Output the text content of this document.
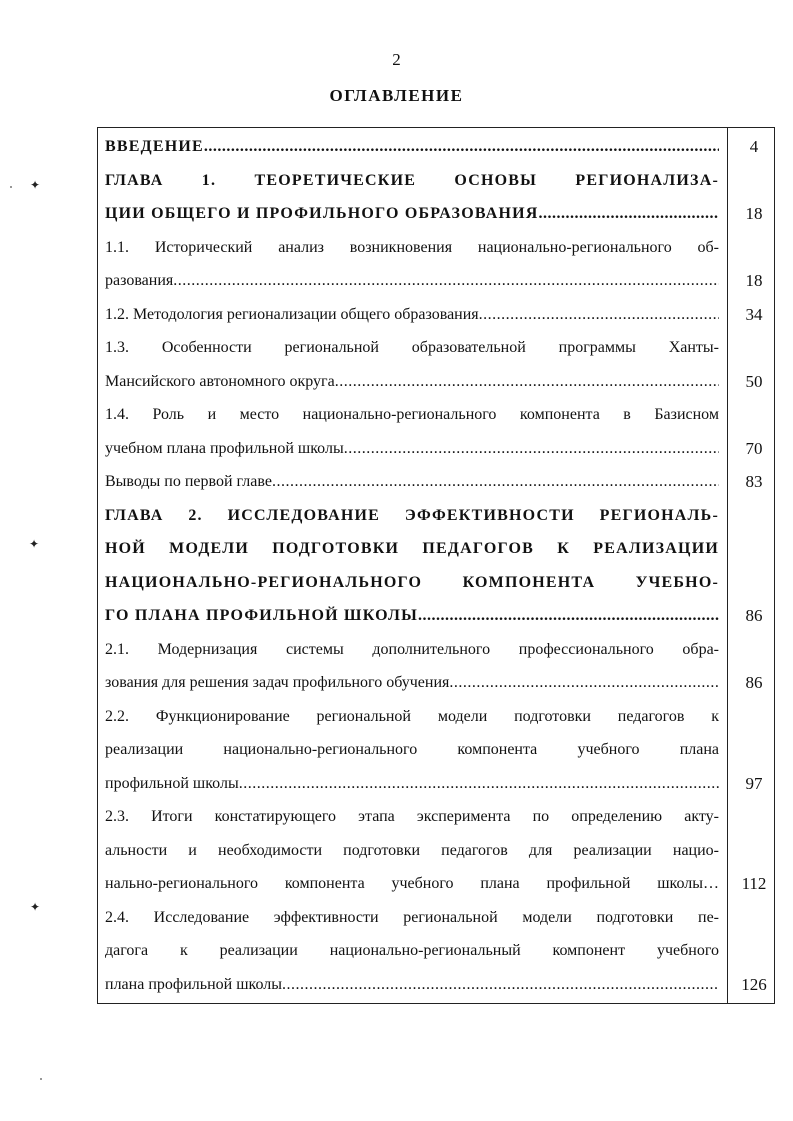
2
ОГЛАВЛЕНИЕ
✦
✦
✦
ВВЕДЕНИЕ
.....	4

ГЛАВА 1. ТЕОРЕТИЧЕСКИЕ ОСНОВЫ РЕГИОНАЛИЗА-
ЦИИ ОБЩЕГО И ПРОФИЛЬНОГО ОБРАЗОВАНИЯ
.....	18

1.1. Исторический анализ возникновения национально-регионального об-
разования
.....	18

1.2. Методология регионализации общего образования
.....	34

1.3. Особенности региональной образовательной программы Ханты-
Мансийского автономного округа
.....	50

1.4. Роль и место национально-регионального компонента в Базисном
учебном плана профильной школы
.....	70

Выводы по первой главе
.....	83

ГЛАВА 2. ИССЛЕДОВАНИЕ ЭФФЕКТИВНОСТИ РЕГИОНАЛЬ-
НОЙ МОДЕЛИ ПОДГОТОВКИ ПЕДАГОГОВ К РЕАЛИЗАЦИИ
НАЦИОНАЛЬНО-РЕГИОНАЛЬНОГО КОМПОНЕНТА УЧЕБНО-
ГО ПЛАНА ПРОФИЛЬНОЙ ШКОЛЫ
.....	86

2.1. Модернизация системы дополнительного профессионального обра-
зования для решения задач профильного обучения
.....	86

2.2. Функционирование региональной модели подготовки педагогов к
реализации национально-регионального компонента учебного плана
профильной школы
.....	97

2.3. Итоги констатирующего этапа эксперимента по определению акту-
альности и необходимости подготовки педагогов для реализации нацио-
нально-регионального компонента учебного плана профильной школы…	112

2.4. Исследование эффективности региональной модели подготовки пе-
дагога к реализации национально-региональный компонент учебного
плана профильной школы
.....	126
